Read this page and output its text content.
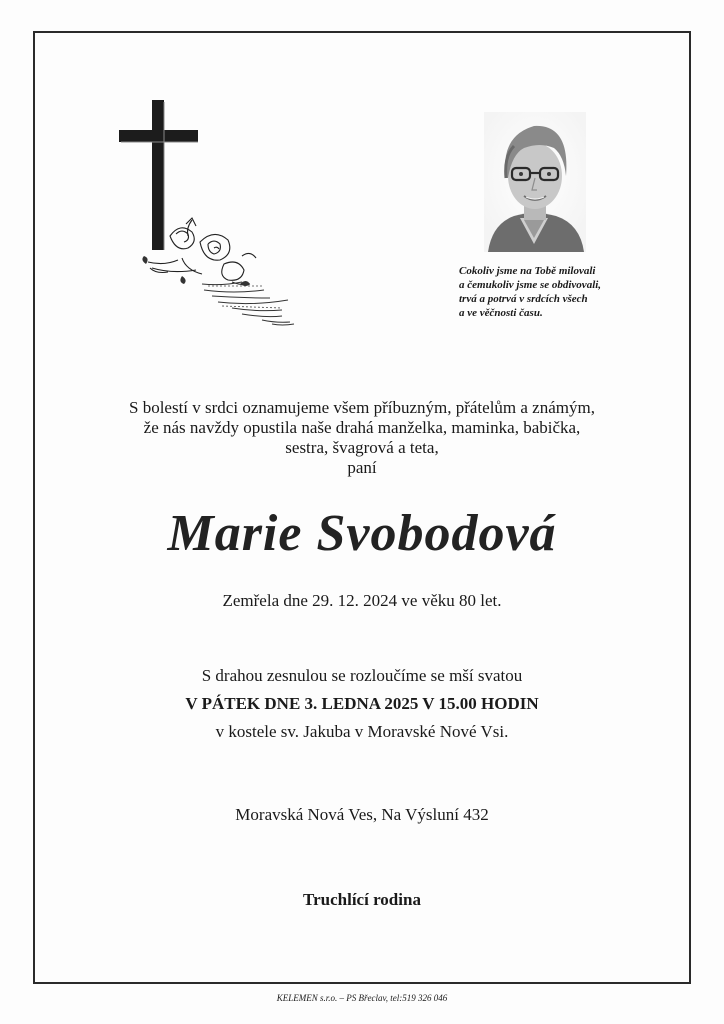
Cokoliv jsme na Tobě milovali
a čemukoliv jsme se obdivovali,
trvá a potrvá v srdcích všech
a ve věčnosti času.
S bolestí v srdci oznamujeme všem příbuzným, přátelům a známým,
že nás navždy opustila naše drahá manželka, maminka, babička,
sestra, švagrová a teta,
paní
Marie Svobodová
Zemřela dne 29. 12. 2024 ve věku 80 let.
S drahou zesnulou se rozloučíme se mší svatou
V PÁTEK DNE 3. LEDNA 2025 V 15.00 HODIN
v kostele sv. Jakuba v Moravské Nové Vsi.
Moravská Nová Ves, Na Výsluní 432
Truchlící rodina
KELEMEN s.r.o. – PS Břeclav, tel:519 326 046
